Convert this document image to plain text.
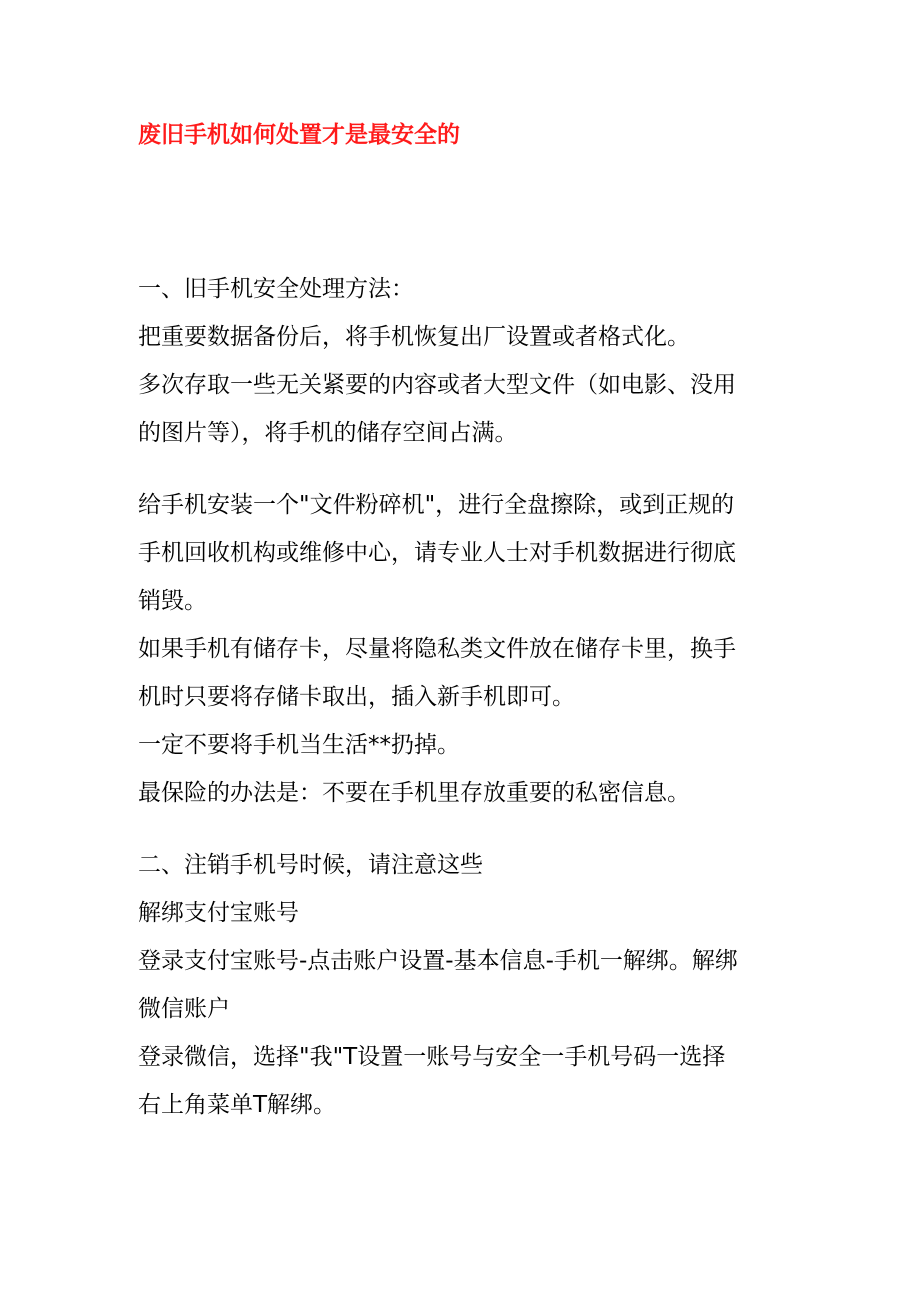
废旧手机如何处置才是最安全的
一、旧手机安全处理方法：
把重要数据备份后，将手机恢复出厂设置或者格式化。
多次存取一些无关紧要的内容或者大型文件（如电影、没用
的图片等），将手机的储存空间占满。
给手机安装一个"文件粉碎机"，进行全盘擦除，或到正规的
手机回收机构或维修中心，请专业人士对手机数据进行彻底
销毁。
如果手机有储存卡，尽量将隐私类文件放在储存卡里，换手
机时只要将存储卡取出，插入新手机即可。
一定不要将手机当生活**扔掉。
最保险的办法是：不要在手机里存放重要的私密信息。
二、注销手机号时候，请注意这些
解绑支付宝账号
登录支付宝账号-点击账户设置-基本信息-手机一解绑。解绑
微信账户
登录微信，选择"我"T设置一账号与安全一手机号码一选择
右上角菜单T解绑。
